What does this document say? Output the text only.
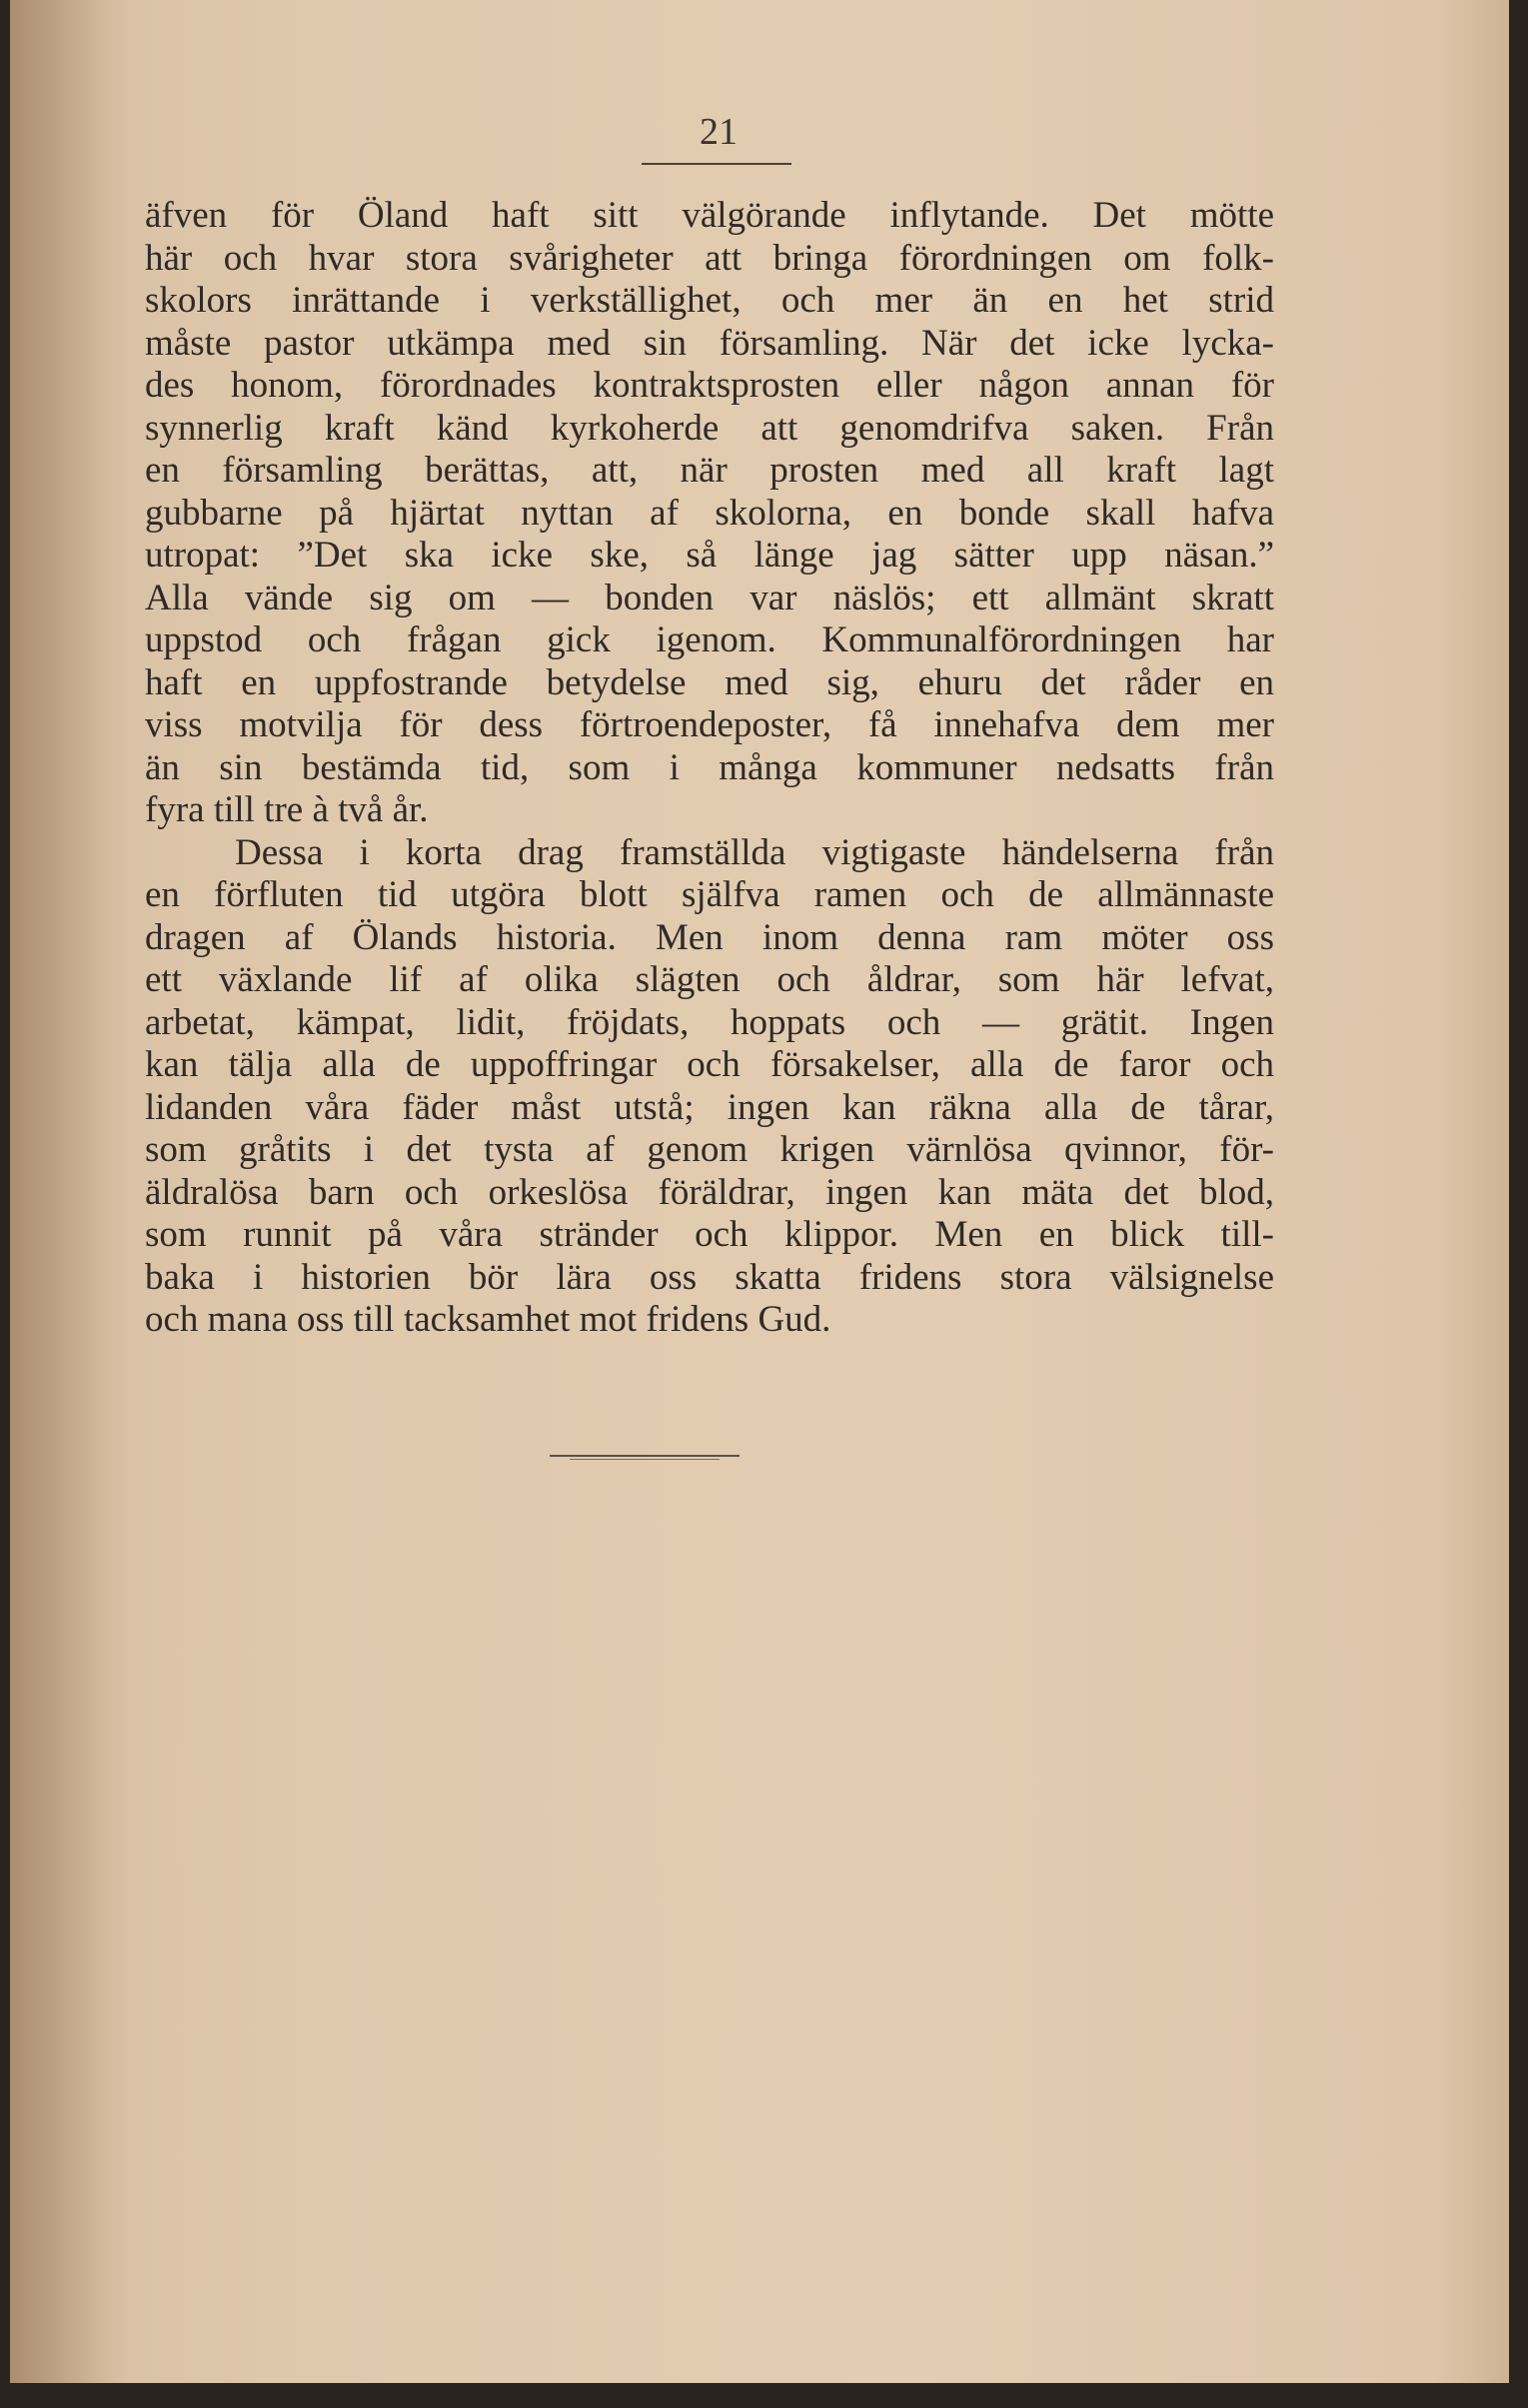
21
äfven för Öland haft sitt välgörande inflytande. Det mötte
här och hvar stora svårigheter att bringa förordningen om folk-
skolors inrättande i verkställighet, och mer än en het strid
måste pastor utkämpa med sin församling. När det icke lycka-
des honom, förordnades kontraktsprosten eller någon annan för
synnerlig kraft känd kyrkoherde att genomdrifva saken. Från
en församling berättas, att, när prosten med all kraft lagt
gubbarne på hjärtat nyttan af skolorna, en bonde skall hafva
utropat: ”Det ska icke ske, så länge jag sätter upp näsan.”
Alla vände sig om — bonden var näslös; ett allmänt skratt
uppstod och frågan gick igenom. Kommunalförordningen har
haft en uppfostrande betydelse med sig, ehuru det råder en
viss motvilja för dess förtroendeposter, få innehafva dem mer
än sin bestämda tid, som i många kommuner nedsatts från
fyra till tre à två år.
Dessa i korta drag framställda vigtigaste händelserna från
en förfluten tid utgöra blott själfva ramen och de allmännaste
dragen af Ölands historia. Men inom denna ram möter oss
ett växlande lif af olika slägten och åldrar, som här lefvat,
arbetat, kämpat, lidit, fröjdats, hoppats och — grätit. Ingen
kan tälja alla de uppoffringar och försakelser, alla de faror och
lidanden våra fäder måst utstå; ingen kan räkna alla de tårar,
som gråtits i det tysta af genom krigen värnlösa qvinnor, för-
äldralösa barn och orkeslösa föräldrar, ingen kan mäta det blod,
som runnit på våra stränder och klippor. Men en blick till-
baka i historien bör lära oss skatta fridens stora välsignelse
och mana oss till tacksamhet mot fridens Gud.
